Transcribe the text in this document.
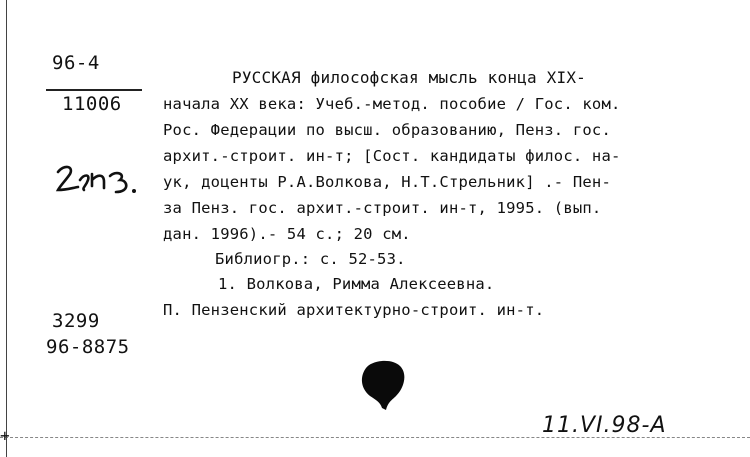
+
96-4
11006
РУССКАЯ философская мысль конца XIX-
начала XX века: Учеб.-метод. пособие / Гос. ком.
Рос. Федерации по высш. образованию, Пенз. гос.
архит.-строит. ин-т; [Сост. кандидаты филос. на-
ук, доценты Р.А.Волкова, Н.Т.Стрельник] .- Пен-
за Пенз. гос. архит.-строит. ин-т, 1995. (вып.
дан. 1996).- 54 с.; 20 см.
Библиогр.: с. 52-53.
1. Волкова, Римма Алексеевна.
П. Пензенский архитектурно-строит. ин-т.
3299
96-8875
11.VI.98-А
